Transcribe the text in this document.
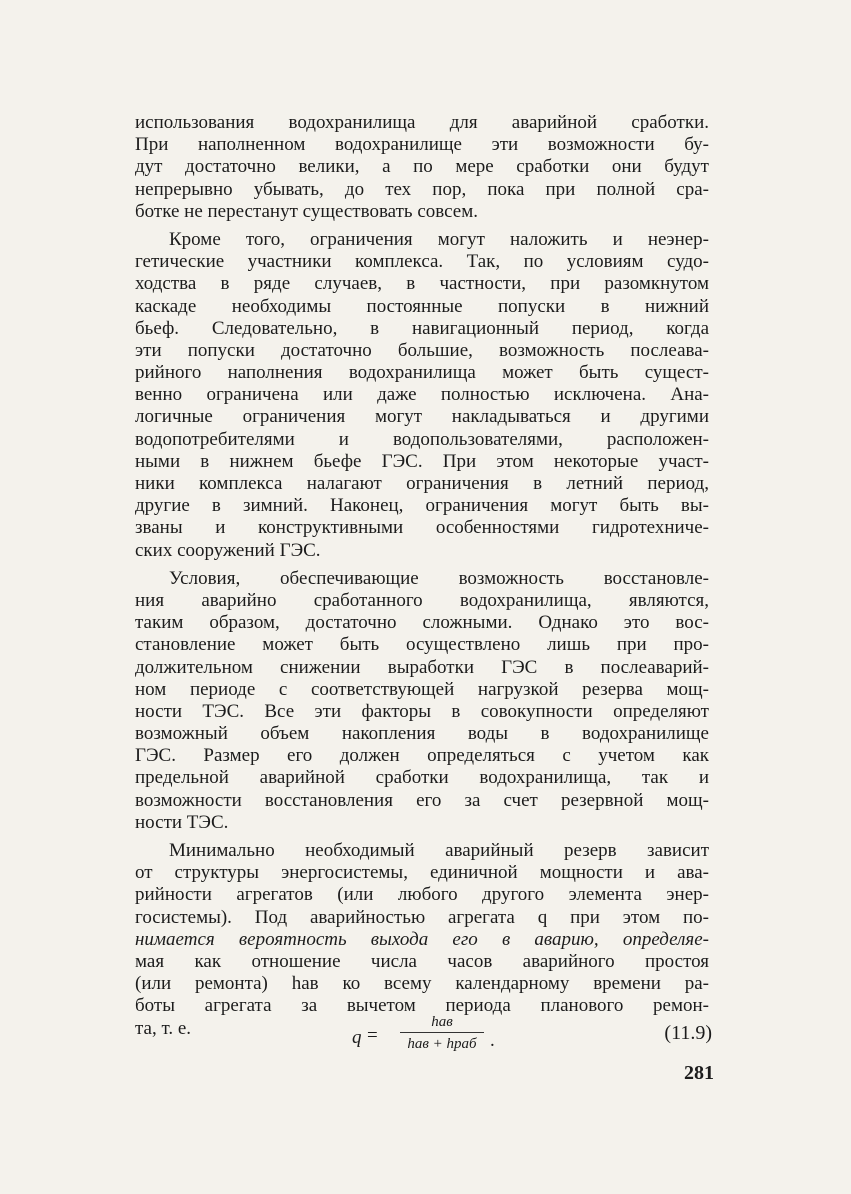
использования водохранилища для аварийной сработки.
При наполненном водохранилище эти возможности бу-
дут достаточно велики, а по мере сработки они будут
непрерывно убывать, до тех пор, пока при полной сра-
ботке не перестанут существовать совсем.
Кроме того, ограничения могут наложить и неэнер-
гетические участники комплекса. Так, по условиям судо-
ходства в ряде случаев, в частности, при разомкнутом
каскаде необходимы постоянные попуски в нижний
бьеф. Следовательно, в навигационный период, когда
эти попуски достаточно большие, возможность послеава-
рийного наполнения водохранилища может быть сущест-
венно ограничена или даже полностью исключена. Ана-
логичные ограничения могут накладываться и другими
водопотребителями и водопользователями, расположен-
ными в нижнем бьефе ГЭС. При этом некоторые участ-
ники комплекса налагают ограничения в летний период,
другие в зимний. Наконец, ограничения могут быть вы-
званы и конструктивными особенностями гидротехниче-
ских сооружений ГЭС.
Условия, обеспечивающие возможность восстановле-
ния аварийно сработанного водохранилища, являются,
таким образом, достаточно сложными. Однако это вос-
становление может быть осуществлено лишь при про-
должительном снижении выработки ГЭС в послеаварий-
ном периоде с соответствующей нагрузкой резерва мощ-
ности ТЭС. Все эти факторы в совокупности определяют
возможный объем накопления воды в водохранилище
ГЭС. Размер его должен определяться с учетом как
предельной аварийной сработки водохранилища, так и
возможности восстановления его за счет резервной мощ-
ности ТЭС.
Минимально необходимый аварийный резерв зависит
от структуры энергосистемы, единичной мощности и ава-
рийности агрегатов (или любого другого элемента энер-
госистемы). Под аварийностью агрегата q при этом по-
нимается вероятность выхода его в аварию, определяе-
мая как отношение числа часов аварийного простоя
(или ремонта) hав ко всему календарному времени ра-
боты агрегата за вычетом периода планового ремон-
та, т. е.	q =
hав
hав + hраб .	(11.9)
281
